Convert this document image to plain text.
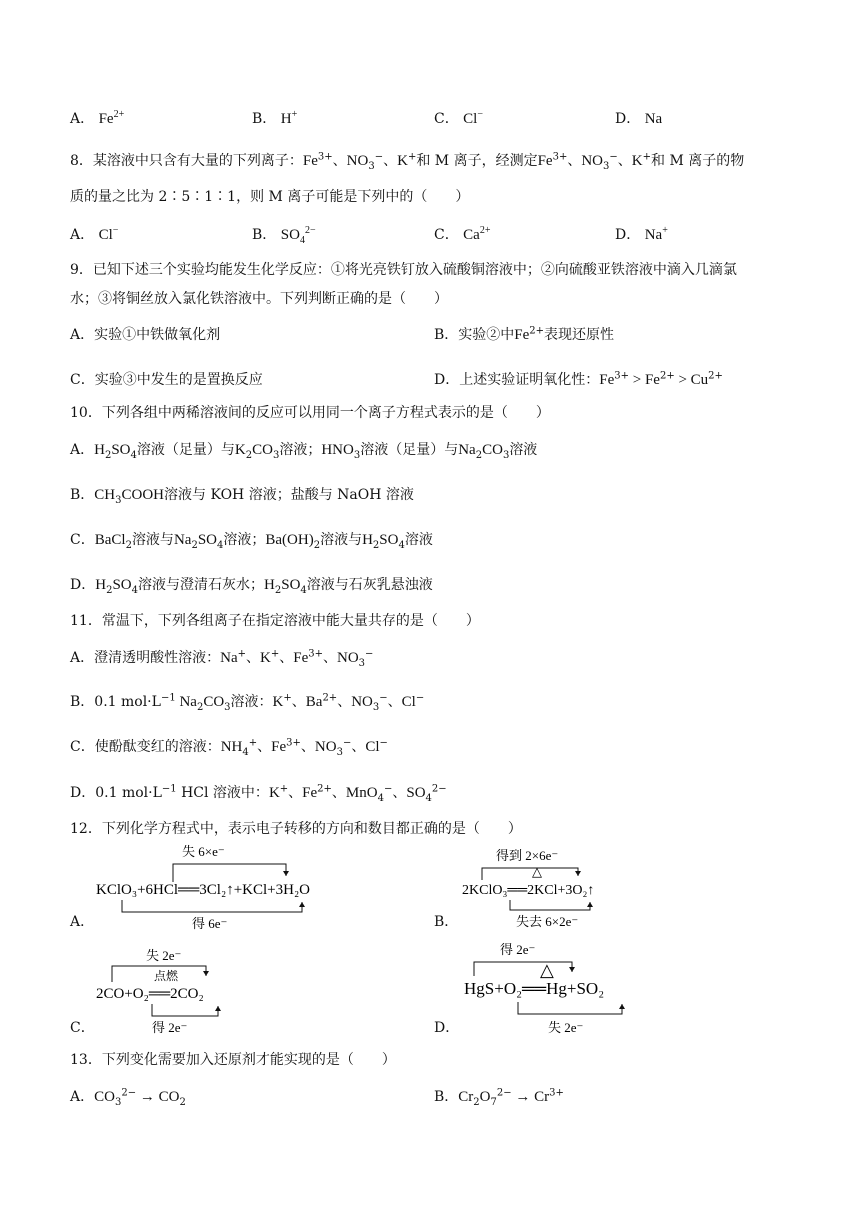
A． $Fe^{2+}$	B． H+	C． Cl−	D． Na
8．某溶液中只含有大量的下列离子：$Fe^{3+}$、$NO_3^-$、K+和 M 离子，经测定$Fe^{3+}$、$NO_3^-$、K+和 M 离子的物
质的量之比为 2∶5∶1∶1，则 M 离子可能是下列中的（　　）
A． Cl−	B． $SO_4^{2-}$	C． $Ca^{2+}$	D． Na+
9．已知下述三个实验均能发生化学反应：①将光亮铁钉放入硫酸铜溶液中；②向硫酸亚铁溶液中滴入几滴氯
水；③将铜丝放入氯化铁溶液中。下列判断正确的是（　　）
A．实验①中铁做氧化剂	B．实验②中$Fe^{2+}$表现还原性
C．实验③中发生的是置换反应	D．上述实验证明氧化性：$Fe^{3+} > Fe^{2+} > Cu^{2+}$
10．下列各组中两稀溶液间的反应可以用同一个离子方程式表示的是（　　）
A．$H_2SO_4$溶液（足量）与$K_2CO_3$溶液；$HNO_3$溶液（足量）与$Na_2CO_3$溶液
B．$CH_3COOH$溶液与 KOH 溶液；盐酸与 NaOH 溶液
C．BaCl$_2$溶液与$Na_2SO_4$溶液；$Ba(OH)_2$溶液与$H_2SO_4$溶液
D．$H_2SO_4$溶液与澄清石灰水；$H_2SO_4$溶液与石灰乳悬浊液
11．常温下，下列各组离子在指定溶液中能大量共存的是（　　）
A．澄清透明酸性溶液：Na+、K+、$Fe^{3+}$、$NO_3^-$
B．0.1 $mol\cdot L^{-1}$ $Na_2CO_3$溶液：K+、$Ba^{2+}$、$NO_3^-$、Cl−
C．使酚酞变红的溶液：$NH_4^+$、$Fe^{3+}$、$NO_3^-$、Cl−
D．0.1 $mol\cdot L^{-1}$ HCl 溶液中：K+、$Fe^{2+}$、MnO$_4$−、$SO_4^{2-}$
12．下列化学方程式中，表示电子转移的方向和数目都正确的是（　　）
A．
失 6×e⁻
KClO₃+6HCl══3Cl₂↑+KCl+3H₂O
得 6e⁻	B．
得到 2×6e⁻
△
2KClO₃══2KCl+3O₂↑
失去 6×2e⁻
C．
失 2e⁻
点燃
2CO+O₂══2CO₂
得 2e⁻	D．
得 2e⁻
△
HgS+O₂══Hg+SO₂
失 2e⁻
13．下列变化需要加入还原剂才能实现的是（　　）
A．$CO_3^{2-} \to CO_2$	B．$Cr_2O_7^{2-} \to Cr^{3+}$
